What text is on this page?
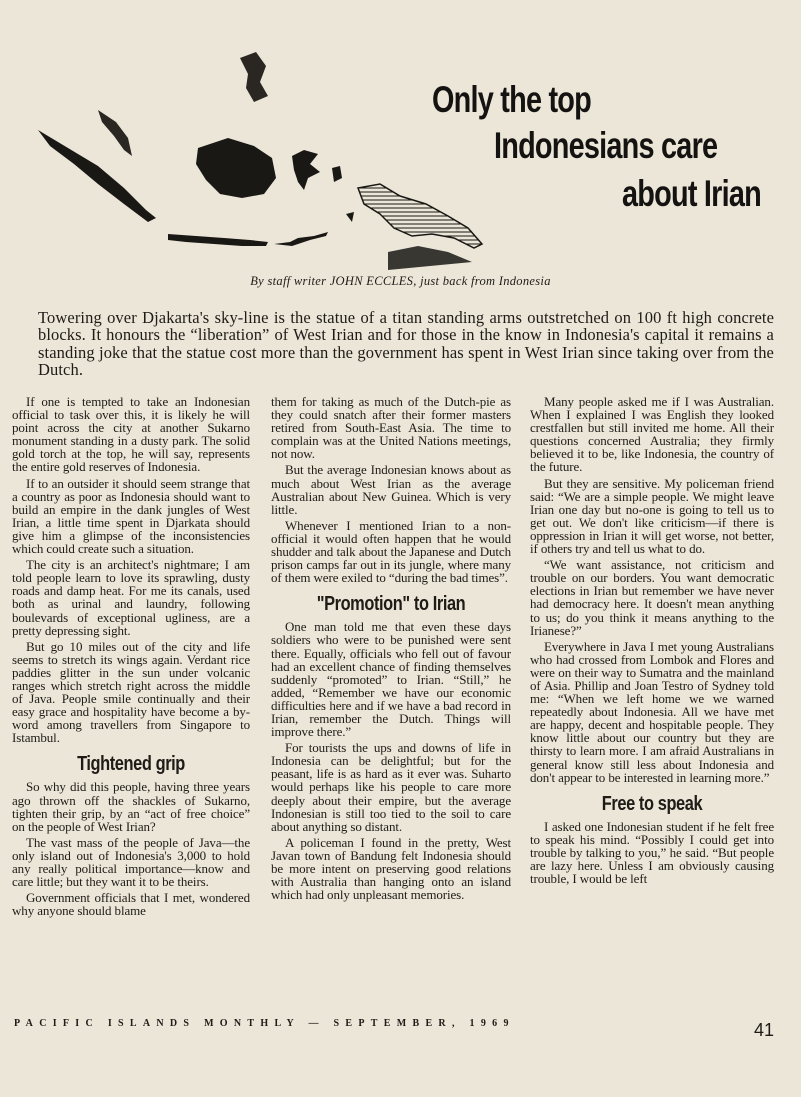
Only the top
Indonesians care
about Irian
By staff writer JOHN ECCLES, just back from Indonesia
Towering over Djakarta's sky-line is the statue of a titan standing arms outstretched on 100 ft high concrete blocks. It honours the “liberation” of West Irian and for those in the know in Indonesia's capital it remains a standing joke that the statue cost more than the government has spent in West Irian since taking over from the Dutch.

If one is tempted to take an Indonesian official to task over this, it is likely he will point across the city at another Sukarno monument standing in a dusty park. The solid gold torch at the top, he will say, represents the entire gold reserves of Indonesia.

If to an outsider it should seem strange that a country as poor as Indonesia should want to build an empire in the dank jungles of West Irian, a little time spent in Djarkata should give him a glimpse of the inconsistencies which could create such a situation.

The city is an architect's nightmare; I am told people learn to love its sprawling, dusty roads and damp heat. For me its canals, used both as urinal and laundry, following boulevards of exceptional ugliness, are a pretty depressing sight.

But go 10 miles out of the city and life seems to stretch its wings again. Verdant rice paddies glitter in the sun under volcanic ranges which stretch right across the middle of Java. People smile continually and their easy grace and hospitality have become a by-word among travellers from Singapore to Istambul.

Tightened grip

So why did this people, having three years ago thrown off the shackles of Sukarno, tighten their grip, by an “act of free choice” on the people of West Irian?

The vast mass of the people of Java—the only island out of Indonesia's 3,000 to hold any really political importance—know and care little; but they want it to be theirs.

Government officials that I met, wondered why anyone should blame

them for taking as much of the Dutch-pie as they could snatch after their former masters retired from South-East Asia. The time to complain was at the United Nations meetings, not now.

But the average Indonesian knows about as much about West Irian as the average Australian about New Guinea. Which is very little.

Whenever I mentioned Irian to a non-official it would often happen that he would shudder and talk about the Japanese and Dutch prison camps far out in its jungle, where many of them were exiled to “during the bad times”.

"Promotion" to Irian

One man told me that even these days soldiers who were to be punished were sent there. Equally, officials who fell out of favour had an excellent chance of finding themselves suddenly “promoted” to Irian. “Still,” he added, “Remember we have our economic difficulties here and if we have a bad record in Irian, remember the Dutch. Things will improve there.”

For tourists the ups and downs of life in Indonesia can be delightful; but for the peasant, life is as hard as it ever was. Suharto would perhaps like his people to care more deeply about their empire, but the average Indonesian is still too tied to the soil to care about anything so distant.

A policeman I found in the pretty, West Javan town of Bandung felt Indonesia should be more intent on preserving good relations with Australia than hanging onto an island which had only unpleasant memories.

Many people asked me if I was Australian. When I explained I was English they looked crestfallen but still invited me home. All their questions concerned Australia; they firmly believed it to be, like Indonesia, the country of the future.

But they are sensitive. My policeman friend said: “We are a simple people. We might leave Irian one day but no-one is going to tell us to get out. We don't like criticism—if there is oppression in Irian it will get worse, not better, if others try and tell us what to do.

“We want assistance, not criticism and trouble on our borders. You want democratic elections in Irian but remember we have never had democracy here. It doesn't mean anything to us; do you think it means anything to the Irianese?”

Everywhere in Java I met young Australians who had crossed from Lombok and Flores and were on their way to Sumatra and the mainland of Asia. Phillip and Joan Testro of Sydney told me: “When we left home we we warned repeatedly about Indonesia. All we have met are happy, decent and hospitable people. They know little about our country but they are thirsty to learn more. I am afraid Australians in general know still less about Indonesia and don't appear to be interested in learning more.”

Free to speak

I asked one Indonesian student if he felt free to speak his mind. “Possibly I could get into trouble by talking to you,” he said. “But people are lazy here. Unless I am obviously causing trouble, I would be left

PACIFIC ISLANDS MONTHLY — SEPTEMBER, 1969	41
